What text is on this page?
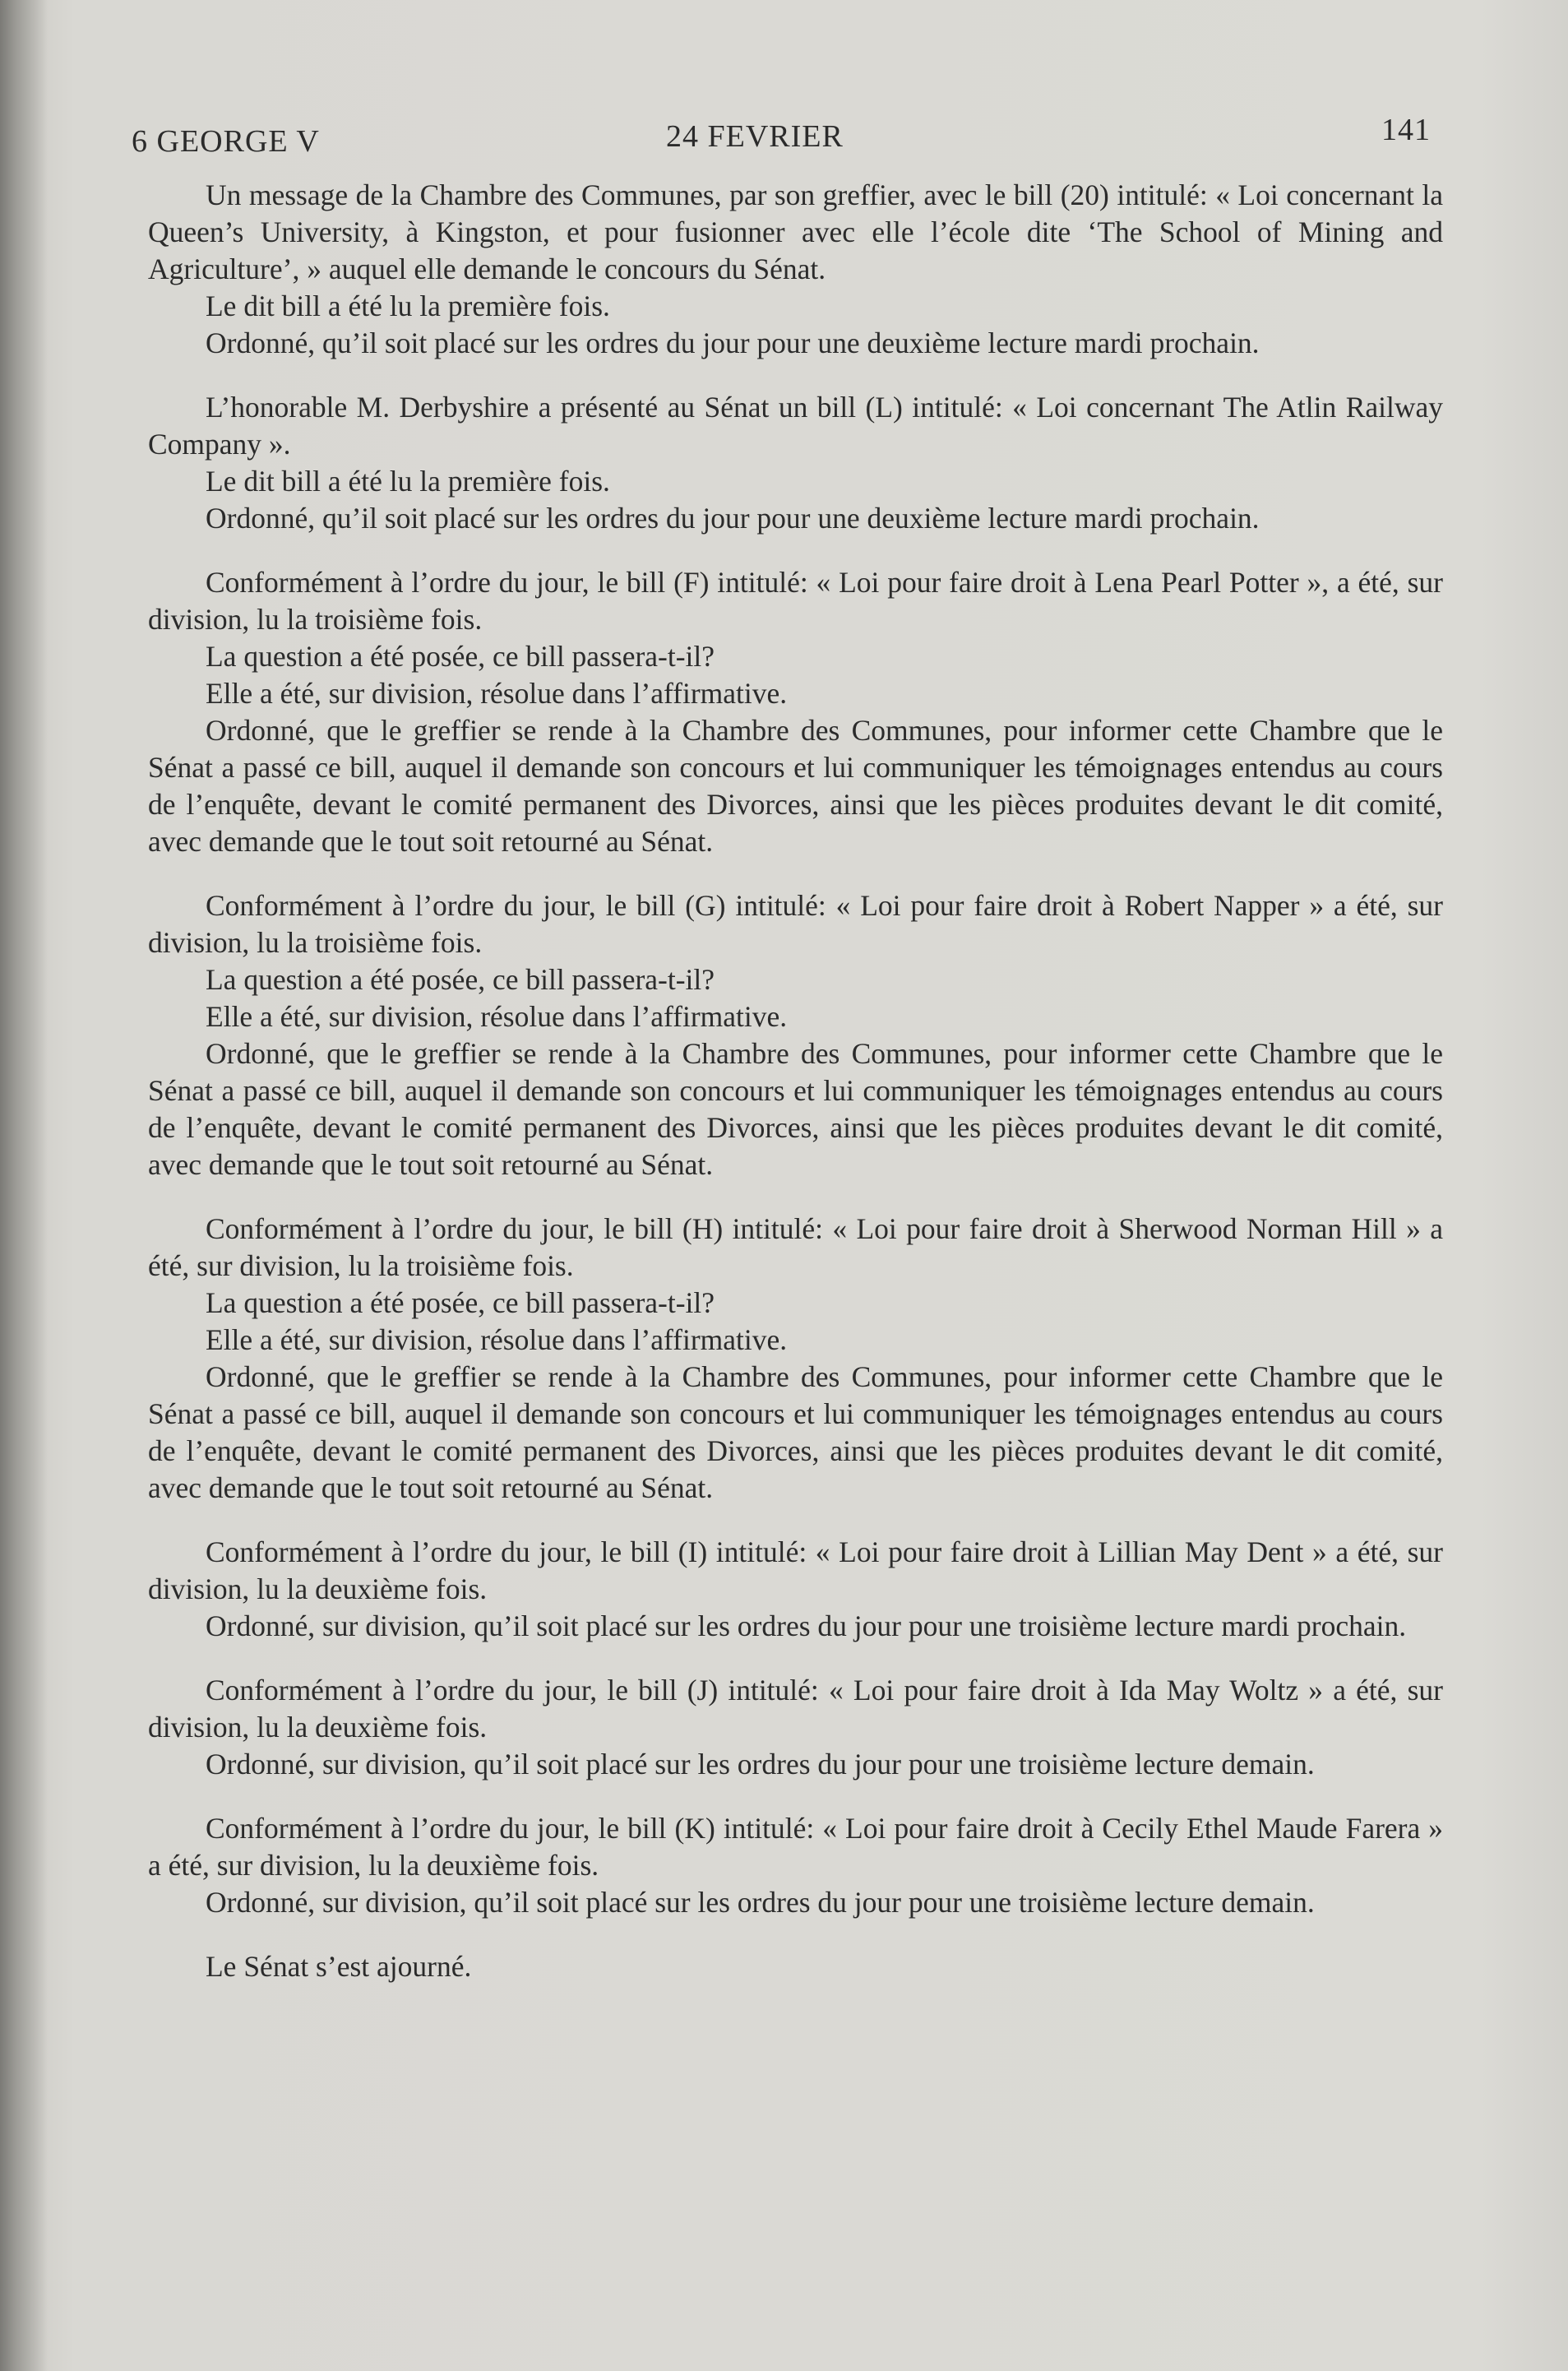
6 GEORGE V	24 FEVRIER	141

Un message de la Chambre des Communes, par son greffier, avec le bill (20) intitulé: « Loi concernant la Queen’s University, à Kingston, et pour fusionner avec elle l’école dite ‘The School of Mining and Agriculture’, » auquel elle demande le concours du Sénat.

Le dit bill a été lu la première fois.

Ordonné, qu’il soit placé sur les ordres du jour pour une deuxième lecture mardi prochain.

L’honorable M. Derbyshire a présenté au Sénat un bill (L) intitulé: « Loi concernant The Atlin Railway Company ».

Le dit bill a été lu la première fois.

Ordonné, qu’il soit placé sur les ordres du jour pour une deuxième lecture mardi prochain.

Conformément à l’ordre du jour, le bill (F) intitulé: « Loi pour faire droit à Lena Pearl Potter », a été, sur division, lu la troisième fois.

La question a été posée, ce bill passera-t-il?

Elle a été, sur division, résolue dans l’affirmative.

Ordonné, que le greffier se rende à la Chambre des Communes, pour informer cette Chambre que le Sénat a passé ce bill, auquel il demande son concours et lui communiquer les témoignages entendus au cours de l’enquête, devant le comité permanent des Divorces, ainsi que les pièces produites devant le dit comité, avec demande que le tout soit retourné au Sénat.

Conformément à l’ordre du jour, le bill (G) intitulé: « Loi pour faire droit à Robert Napper » a été, sur division, lu la troisième fois.

La question a été posée, ce bill passera-t-il?

Elle a été, sur division, résolue dans l’affirmative.

Ordonné, que le greffier se rende à la Chambre des Communes, pour informer cette Chambre que le Sénat a passé ce bill, auquel il demande son concours et lui communiquer les témoignages entendus au cours de l’enquête, devant le comité permanent des Divorces, ainsi que les pièces produites devant le dit comité, avec demande que le tout soit retourné au Sénat.

Conformément à l’ordre du jour, le bill (H) intitulé: « Loi pour faire droit à Sherwood Norman Hill » a été, sur division, lu la troisième fois.

La question a été posée, ce bill passera-t-il?

Elle a été, sur division, résolue dans l’affirmative.

Ordonné, que le greffier se rende à la Chambre des Communes, pour informer cette Chambre que le Sénat a passé ce bill, auquel il demande son concours et lui communiquer les témoignages entendus au cours de l’enquête, devant le comité permanent des Divorces, ainsi que les pièces produites devant le dit comité, avec demande que le tout soit retourné au Sénat.

Conformément à l’ordre du jour, le bill (I) intitulé: « Loi pour faire droit à Lillian May Dent » a été, sur division, lu la deuxième fois.

Ordonné, sur division, qu’il soit placé sur les ordres du jour pour une troisième lecture mardi prochain.

Conformément à l’ordre du jour, le bill (J) intitulé: « Loi pour faire droit à Ida May Woltz » a été, sur division, lu la deuxième fois.

Ordonné, sur division, qu’il soit placé sur les ordres du jour pour une troisième lecture demain.

Conformément à l’ordre du jour, le bill (K) intitulé: « Loi pour faire droit à Cecily Ethel Maude Farera » a été, sur division, lu la deuxième fois.

Ordonné, sur division, qu’il soit placé sur les ordres du jour pour une troisième lecture demain.

Le Sénat s’est ajourné.
